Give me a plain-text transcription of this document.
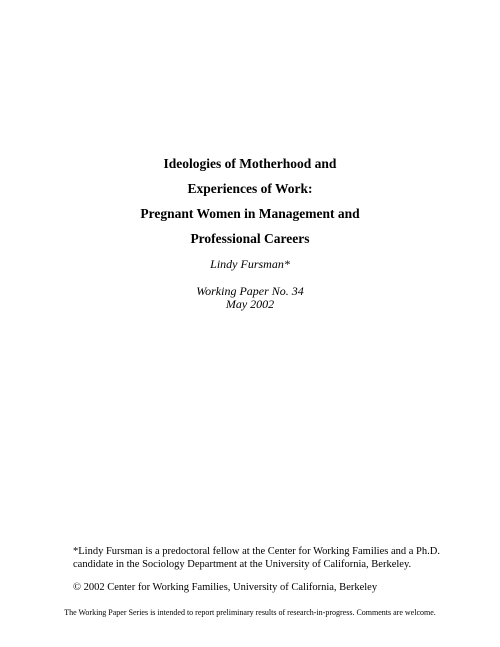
Ideologies of Motherhood and
Experiences of Work:
Pregnant Women in Management and
Professional Careers
Lindy Fursman*
Working Paper No. 34
May 2002

*Lindy Fursman is a predoctoral fellow at the Center for Working Families and a Ph.D.

candidate in the Sociology Department at the University of California, Berkeley.

© 2002 Center for Working Families, University of California, Berkeley
The Working Paper Series is intended to report preliminary results of research-in-progress. Comments are welcome.
